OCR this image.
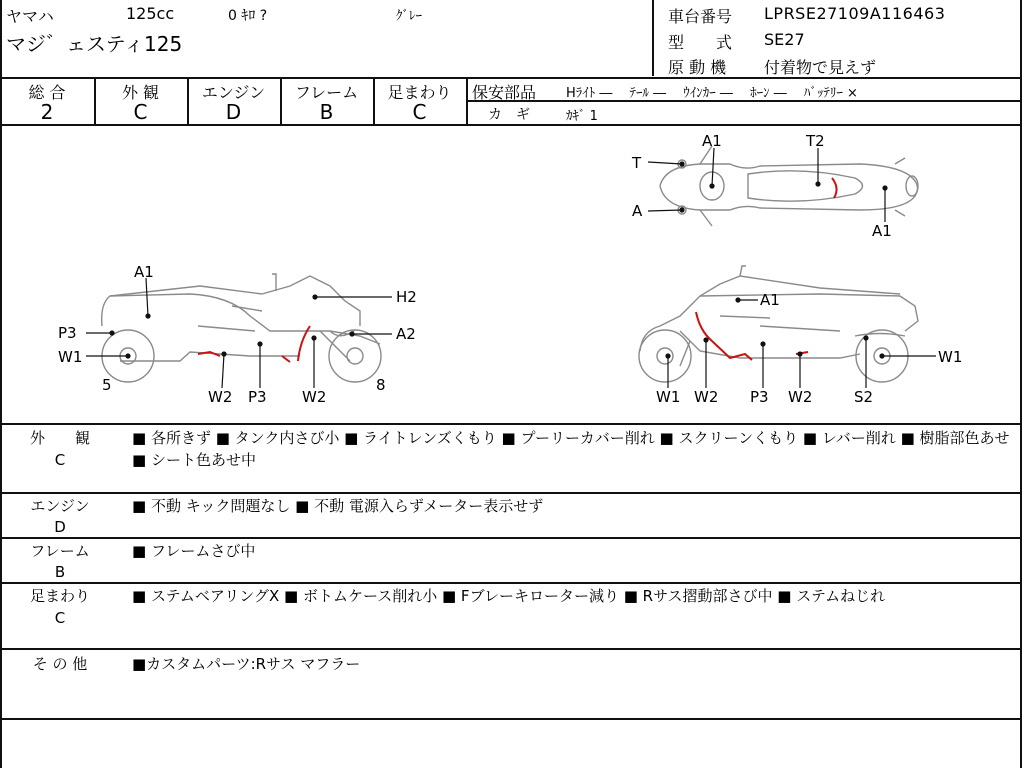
ヤマハ	125cc	0 ｷﾛ ?	ｸﾞﾚｰ
マジ゛ェスティ125
車台番号 LPRSE27109A116463
型　　式 SE27
原 動 機 付着物で見えず
総 合	外 観	エンジン	フレーム	足まわり
2	C	D	B	C
保安部品 Hﾗｲﾄ ―　 ﾃｰﾙ ―　 ｳｲﾝｶｰ ―　 ﾎｰﾝ ―　 ﾊﾞｯﾃﾘｰ ×
カ　ギ	ｶｷﾞ 1
T
A
A1	T2
A1
A1
H2
P3	A2
W1
5	8
W2 P3 W2
A1
W1
W1 W2 P3 W2	S2
外　　観
C
■ 各所きず ■ タンク内さび小 ■ ライトレンズくもり ■ プーリーカバー削れ ■ スクリーンくもり ■ レバー削れ ■ 樹脂部色あせ ■ シート色あせ中
エンジン
D
■ 不動 キック問題なし ■ 不動 電源入らずメーター表示せず
フレーム
B
■ フレームさび中
足まわり
C
■ ステムベアリングX ■ ボトムケース削れ小 ■ Fブレーキローター減り ■ Rサス摺動部さび中 ■ ステムねじれ
そ の 他	■カスタムパーツ:Rサス マフラー
